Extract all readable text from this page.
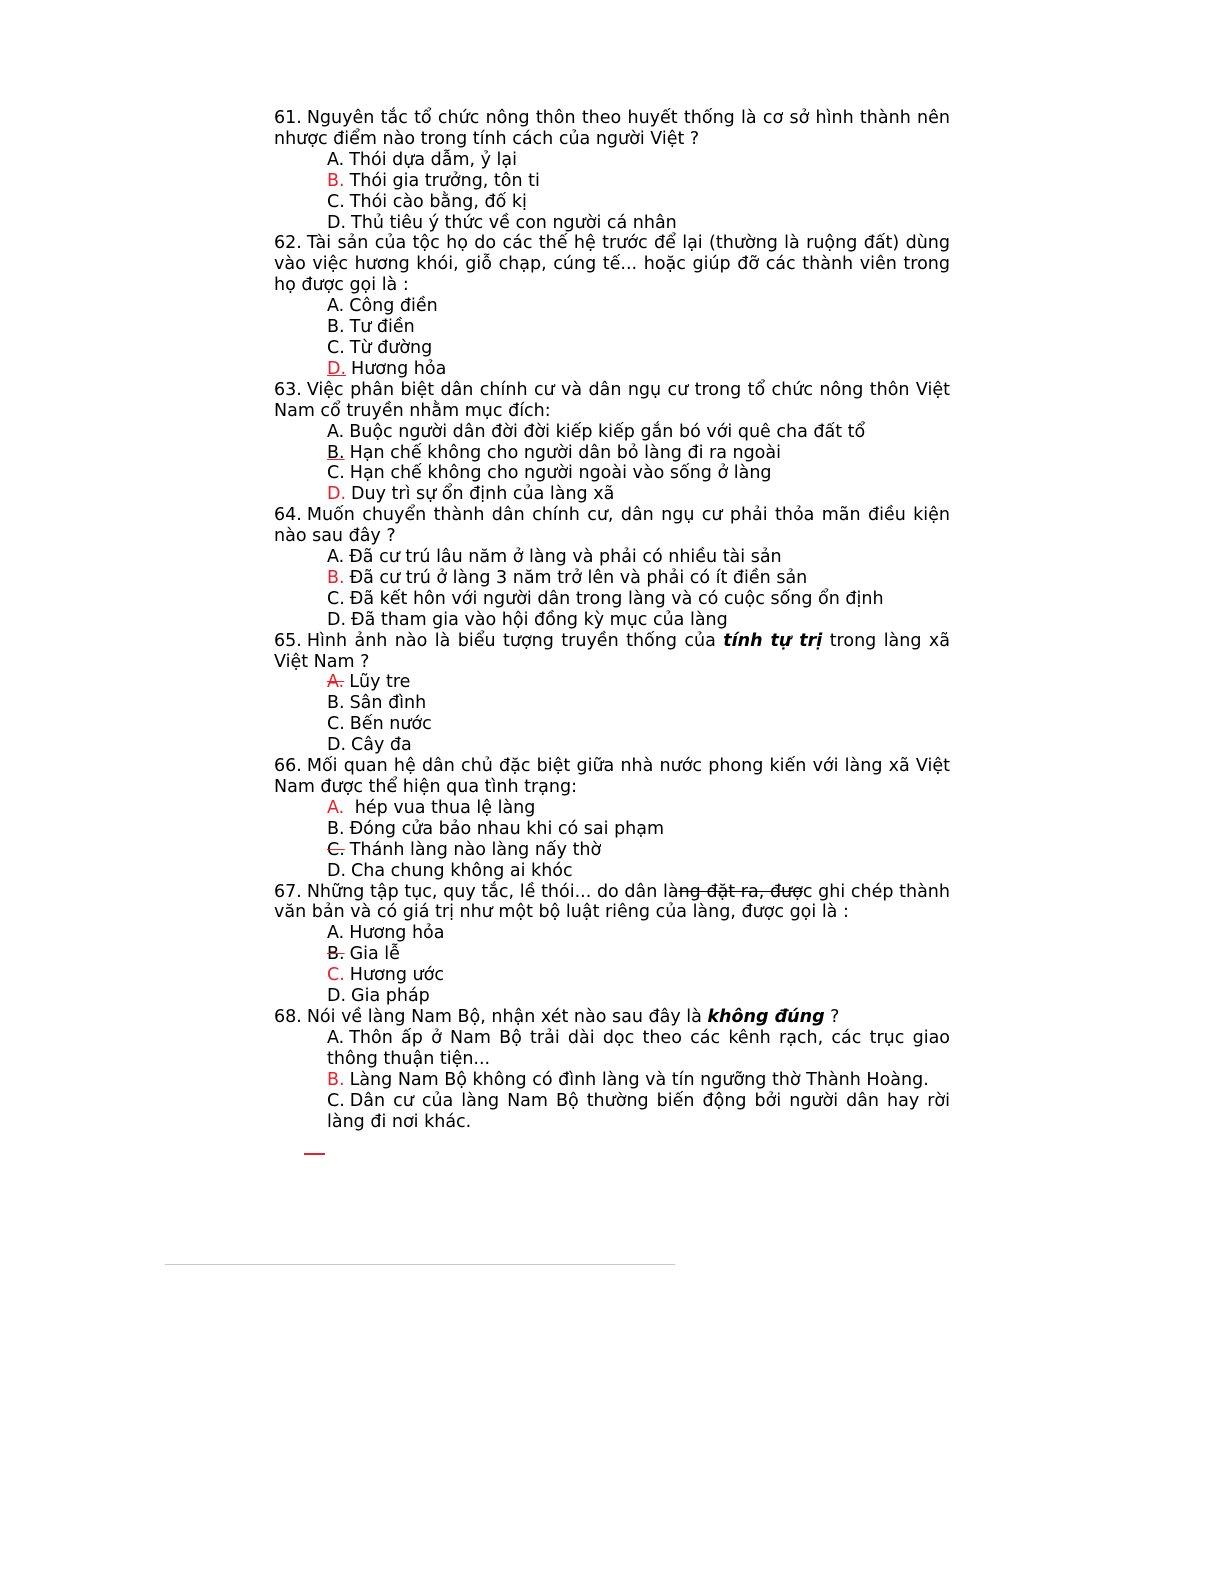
61. Nguyên tắc tổ chức nông thôn theo huyết thống là cơ sở hình thành nên nhược điểm nào trong tính cách của người Việt ?
A. Thói dựa dẫm, ỷ lại
B. Thói gia trưởng, tôn ti
C. Thói cào bằng, đố kị
D. Thủ tiêu ý thức về con người cá nhân
62. Tài sản của tộc họ do các thế hệ trước để lại (thường là ruộng đất) dùng vào việc hương khói, giỗ chạp, cúng tế... hoặc giúp đỡ các thành viên trong họ được gọi là :
A. Công điền
B. Tư điền
C. Từ đường
D. Hương hỏa
63. Việc phân biệt dân chính cư và dân ngụ cư trong tổ chức nông thôn Việt Nam cổ truyền nhằm mục đích:
A. Buộc người dân đời đời kiếp kiếp gắn bó với quê cha đất tổ
B. Hạn chế không cho người dân bỏ làng đi ra ngoài
C. Hạn chế không cho người ngoài vào sống ở làng
D. Duy trì sự ổn định của làng xã
64. Muốn chuyển thành dân chính cư, dân ngụ cư phải thỏa mãn điều kiện nào sau đây ?
A. Đã cư trú lâu năm ở làng và phải có nhiều tài sản
B. Đã cư trú ở làng 3 năm trở lên và phải có ít điền sản
C. Đã kết hôn với người dân trong làng và có cuộc sống ổn định
D. Đã tham gia vào hội đồng kỳ mục của làng
65. Hình ảnh nào là biểu tượng truyền thống của tính tự trị trong làng xã Việt Nam ?
A. Lũy tre
B. Sân đình
C. Bến nước
D. Cây đa
66. Mối quan hệ dân chủ đặc biệt giữa nhà nước phong kiến với làng xã Việt Nam được thể hiện qua tình trạng:
A. hép vua thua lệ làng
B. Đóng cửa bảo nhau khi có sai phạm
C. Thánh làng nào làng nấy thờ
D. Cha chung không ai khóc
67. Những tập tục, quy tắc, lề thói... do dân làng đặt ra, được ghi chép thành văn bản và có giá trị như một bộ luật riêng của làng, được gọi là :
A. Hương hỏa
B. Gia lễ
C. Hương ước
D. Gia pháp
68. Nói về làng Nam Bộ, nhận xét nào sau đây là không đúng ?
A. Thôn ấp ở Nam Bộ trải dài dọc theo các kênh rạch, các trục giao thông thuận tiện...
B. Làng Nam Bộ không có đình làng và tín ngưỡng thờ Thành Hoàng.
C. Dân cư của làng Nam Bộ thường biến động bởi người dân hay rời làng đi nơi khác.
